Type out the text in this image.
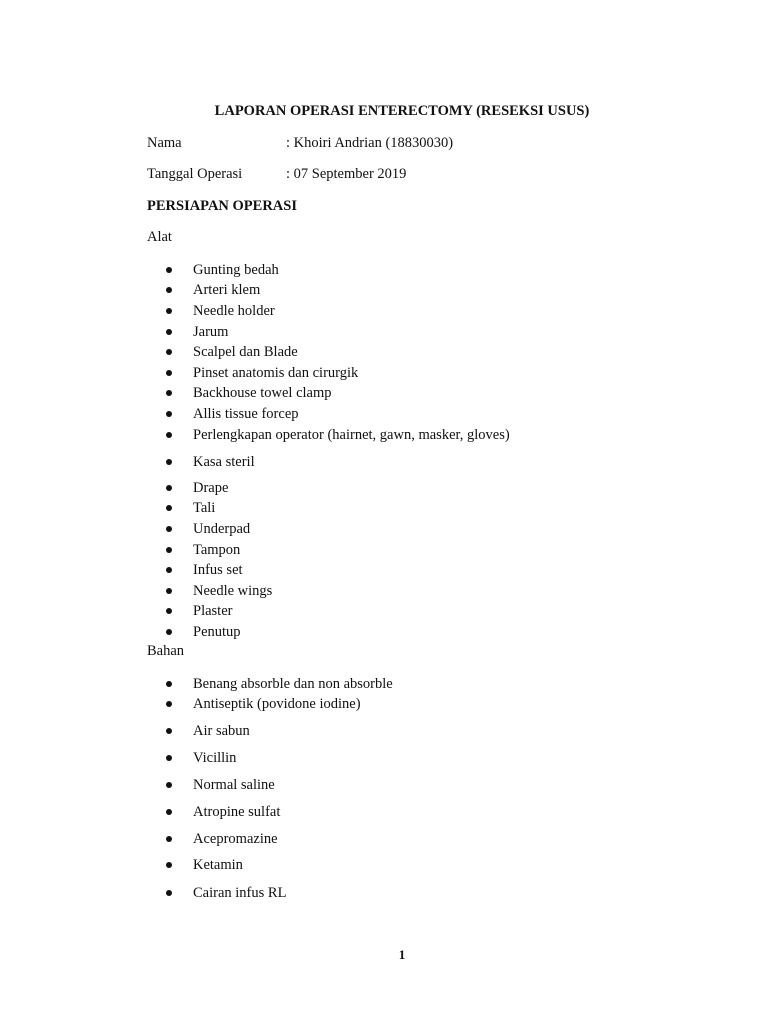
LAPORAN OPERASI ENTERECTOMY (RESEKSI USUS)
Nama	: Khoiri Andrian (18830030)
Tanggal Operasi	: 07 September 2019
PERSIAPAN OPERASI
Alat
Gunting bedah
Arteri klem
Needle holder
Jarum
Scalpel dan Blade
Pinset anatomis dan cirurgik
Backhouse towel clamp
Allis tissue forcep
Perlengkapan operator (hairnet, gawn, masker, gloves)
Kasa steril
Drape
Tali
Underpad
Tampon
Infus set
Needle wings
Plaster
Penutup
Bahan
Benang absorble dan non absorble
Antiseptik (povidone iodine)
Air sabun
Vicillin
Normal saline
Atropine sulfat
Acepromazine
Ketamin
Cairan infus RL
1
